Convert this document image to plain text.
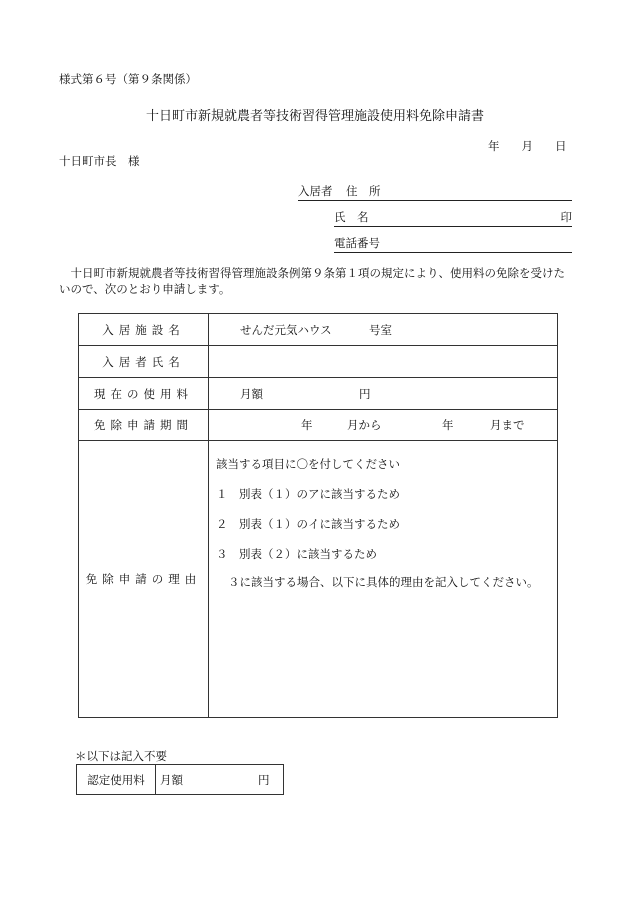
様式第６号（第９条関係）
十日町市新規就農者等技術習得管理施設使用料免除申請書
年 月 日
十日町市長　様
入居者 住　所
氏　名	印
電話番号
十日町市新規就農者等技術習得管理施設条例第９条第１項の規定により、使用料の免除を受けたいので、次のとおり申請します。
入居施設名	せんだ元気ハウス 号室

入居者氏名	
現在の使用料	月額 円

免除申請期間	年 月から 年 月まで

免除申請の理由	該当する項目に〇を付してください
１　別表（１）のアに該当するため
２　別表（１）のイに該当するため
３　別表（２）に該当するため
３に該当する場合、以下に具体的理由を記入してください。
＊以下は記入不要
認定使用料	月額	円
